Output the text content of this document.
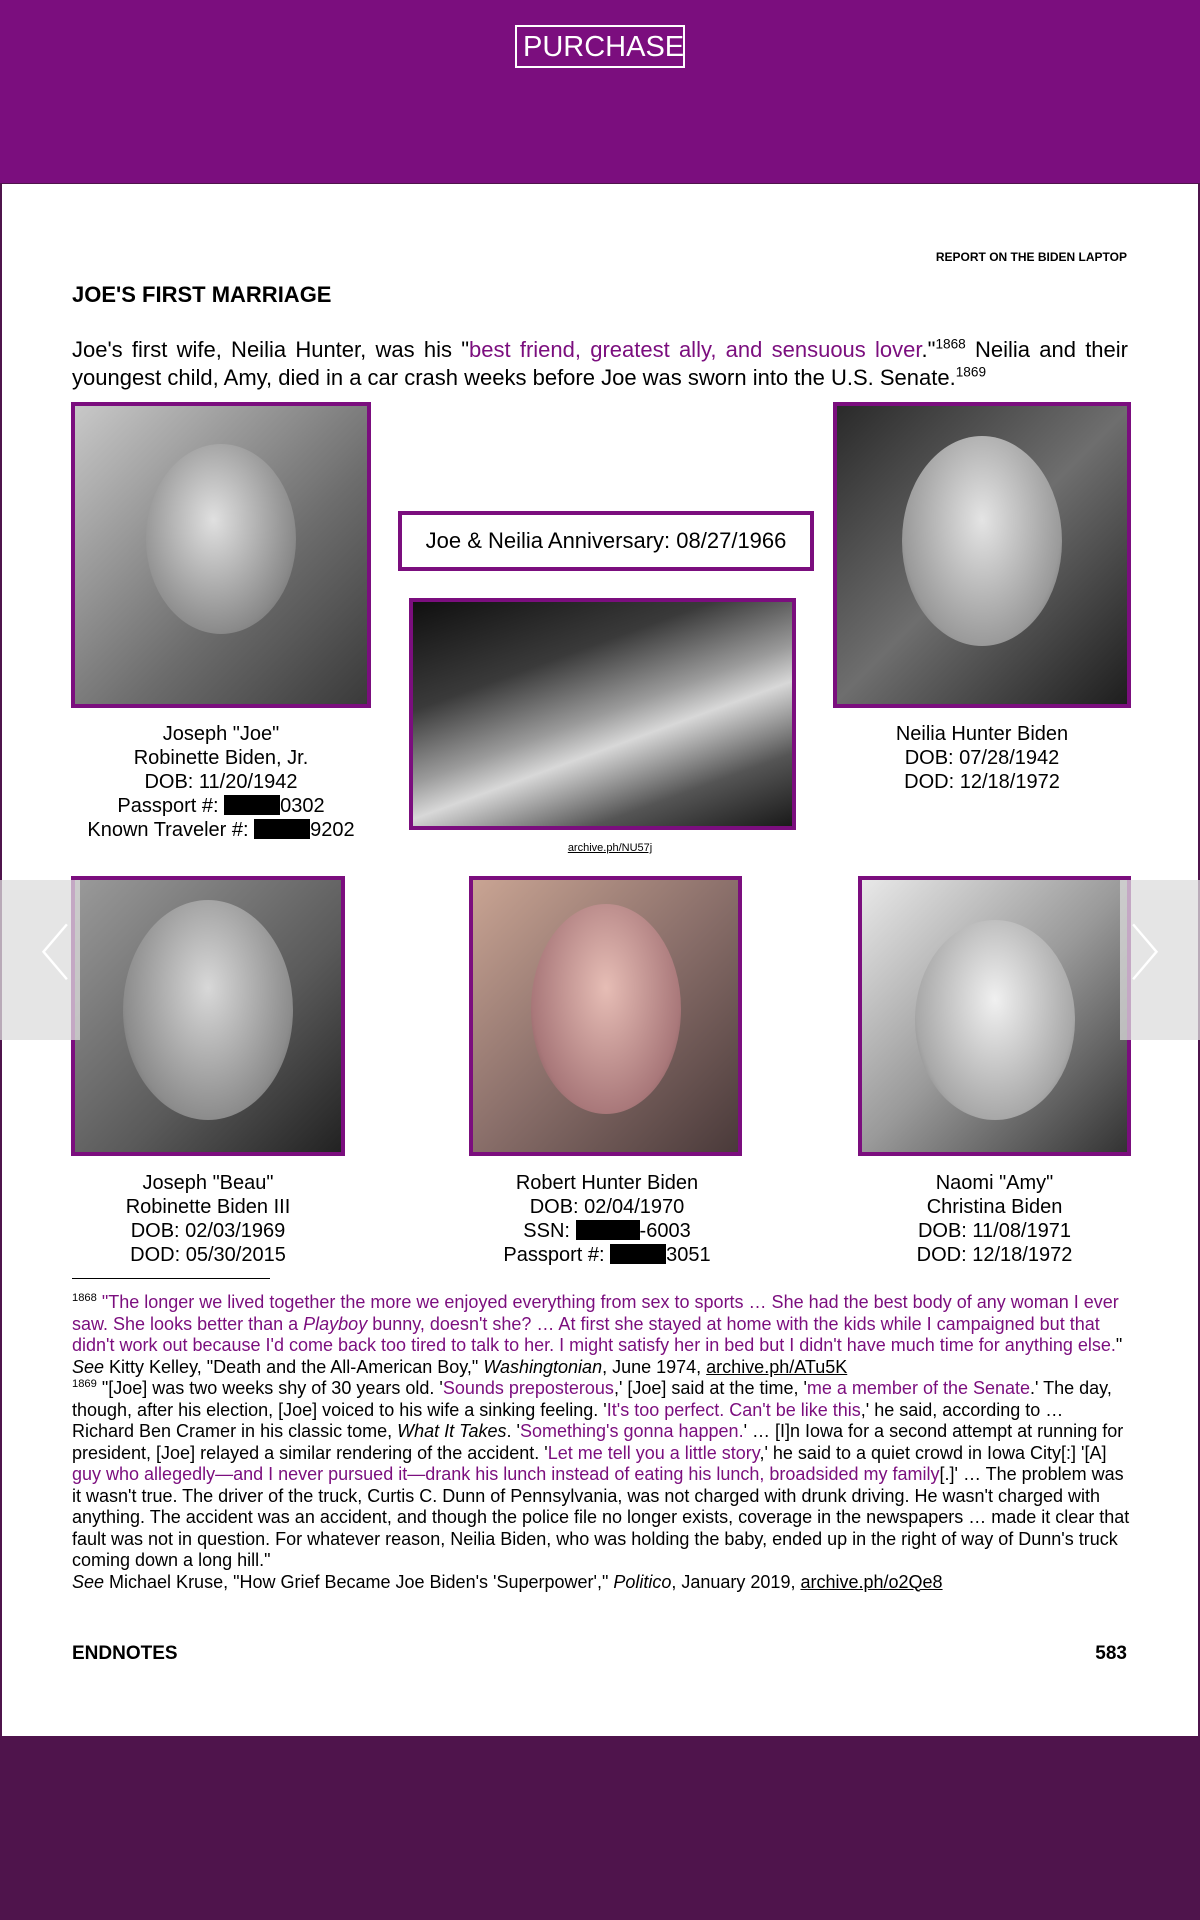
PURCHASE
REPORT ON THE BIDEN LAPTOP
JOE'S FIRST MARRIAGE
Joe's first wife, Neilia Hunter, was his "best friend, greatest ally, and sensuous lover."$^{1868}$ Neilia and their youngest child, Amy, died in a car crash weeks before Joe was sworn into the U.S. Senate.$^{1869}$
Joseph "Joe"
Robinette Biden, Jr.
DOB: 11/20/1942
Passport #:	0302
Known Traveler #:	9202
Joe & Neilia Anniversary: 08/27/1966
archive.ph/NU57j
Neilia Hunter Biden
DOB: 07/28/1942
DOD: 12/18/1972
Joseph "Beau"
Robinette Biden III
DOB: 02/03/1969
DOD: 05/30/2015
Robert Hunter Biden
DOB: 02/04/1970
SSN:	-6003
Passport #:	3051
Naomi "Amy"
Christina Biden
DOB: 11/08/1971
DOD: 12/18/1972

$^{1868}$ "The longer we lived together the more we enjoyed everything from sex to sports … She had the best body of any woman I ever saw. She looks better than a Playboy bunny, doesn't she? … At first she stayed at home with the kids while I campaigned but that didn't work out because I'd come back too tired to talk to her. I might satisfy her in bed but I didn't have much time for anything else."
See Kitty Kelley, "Death and the All-American Boy," Washingtonian, June 1974, archive.ph/ATu5K

$^{1869}$ "[Joe] was two weeks shy of 30 years old. 'Sounds preposterous,' [Joe] said at the time, 'me a member of the Senate.' The day, though, after his election, [Joe] voiced to his wife a sinking feeling. 'It's too perfect. Can't be like this,' he said, according to … Richard Ben Cramer in his classic tome, What It Takes. 'Something's gonna happen.' … [I]n Iowa for a second attempt at running for president, [Joe] relayed a similar rendering of the accident. 'Let me tell you a little story,' he said to a quiet crowd in Iowa City[:] '[A] guy who allegedly—and I never pursued it—drank his lunch instead of eating his lunch, broadsided my family[.]' … The problem was it wasn't true. The driver of the truck, Curtis C. Dunn of Pennsylvania, was not charged with drunk driving. He wasn't charged with anything. The accident was an accident, and though the police file no longer exists, coverage in the newspapers … made it clear that fault was not in question. For whatever reason, Neilia Biden, who was holding the baby, ended up in the right of way of Dunn's truck coming down a long hill."
See Michael Kruse, "How Grief Became Joe Biden's 'Superpower'," Politico, January 2019, archive.ph/o2Qe8

ENDNOTES	583
〈	〉
